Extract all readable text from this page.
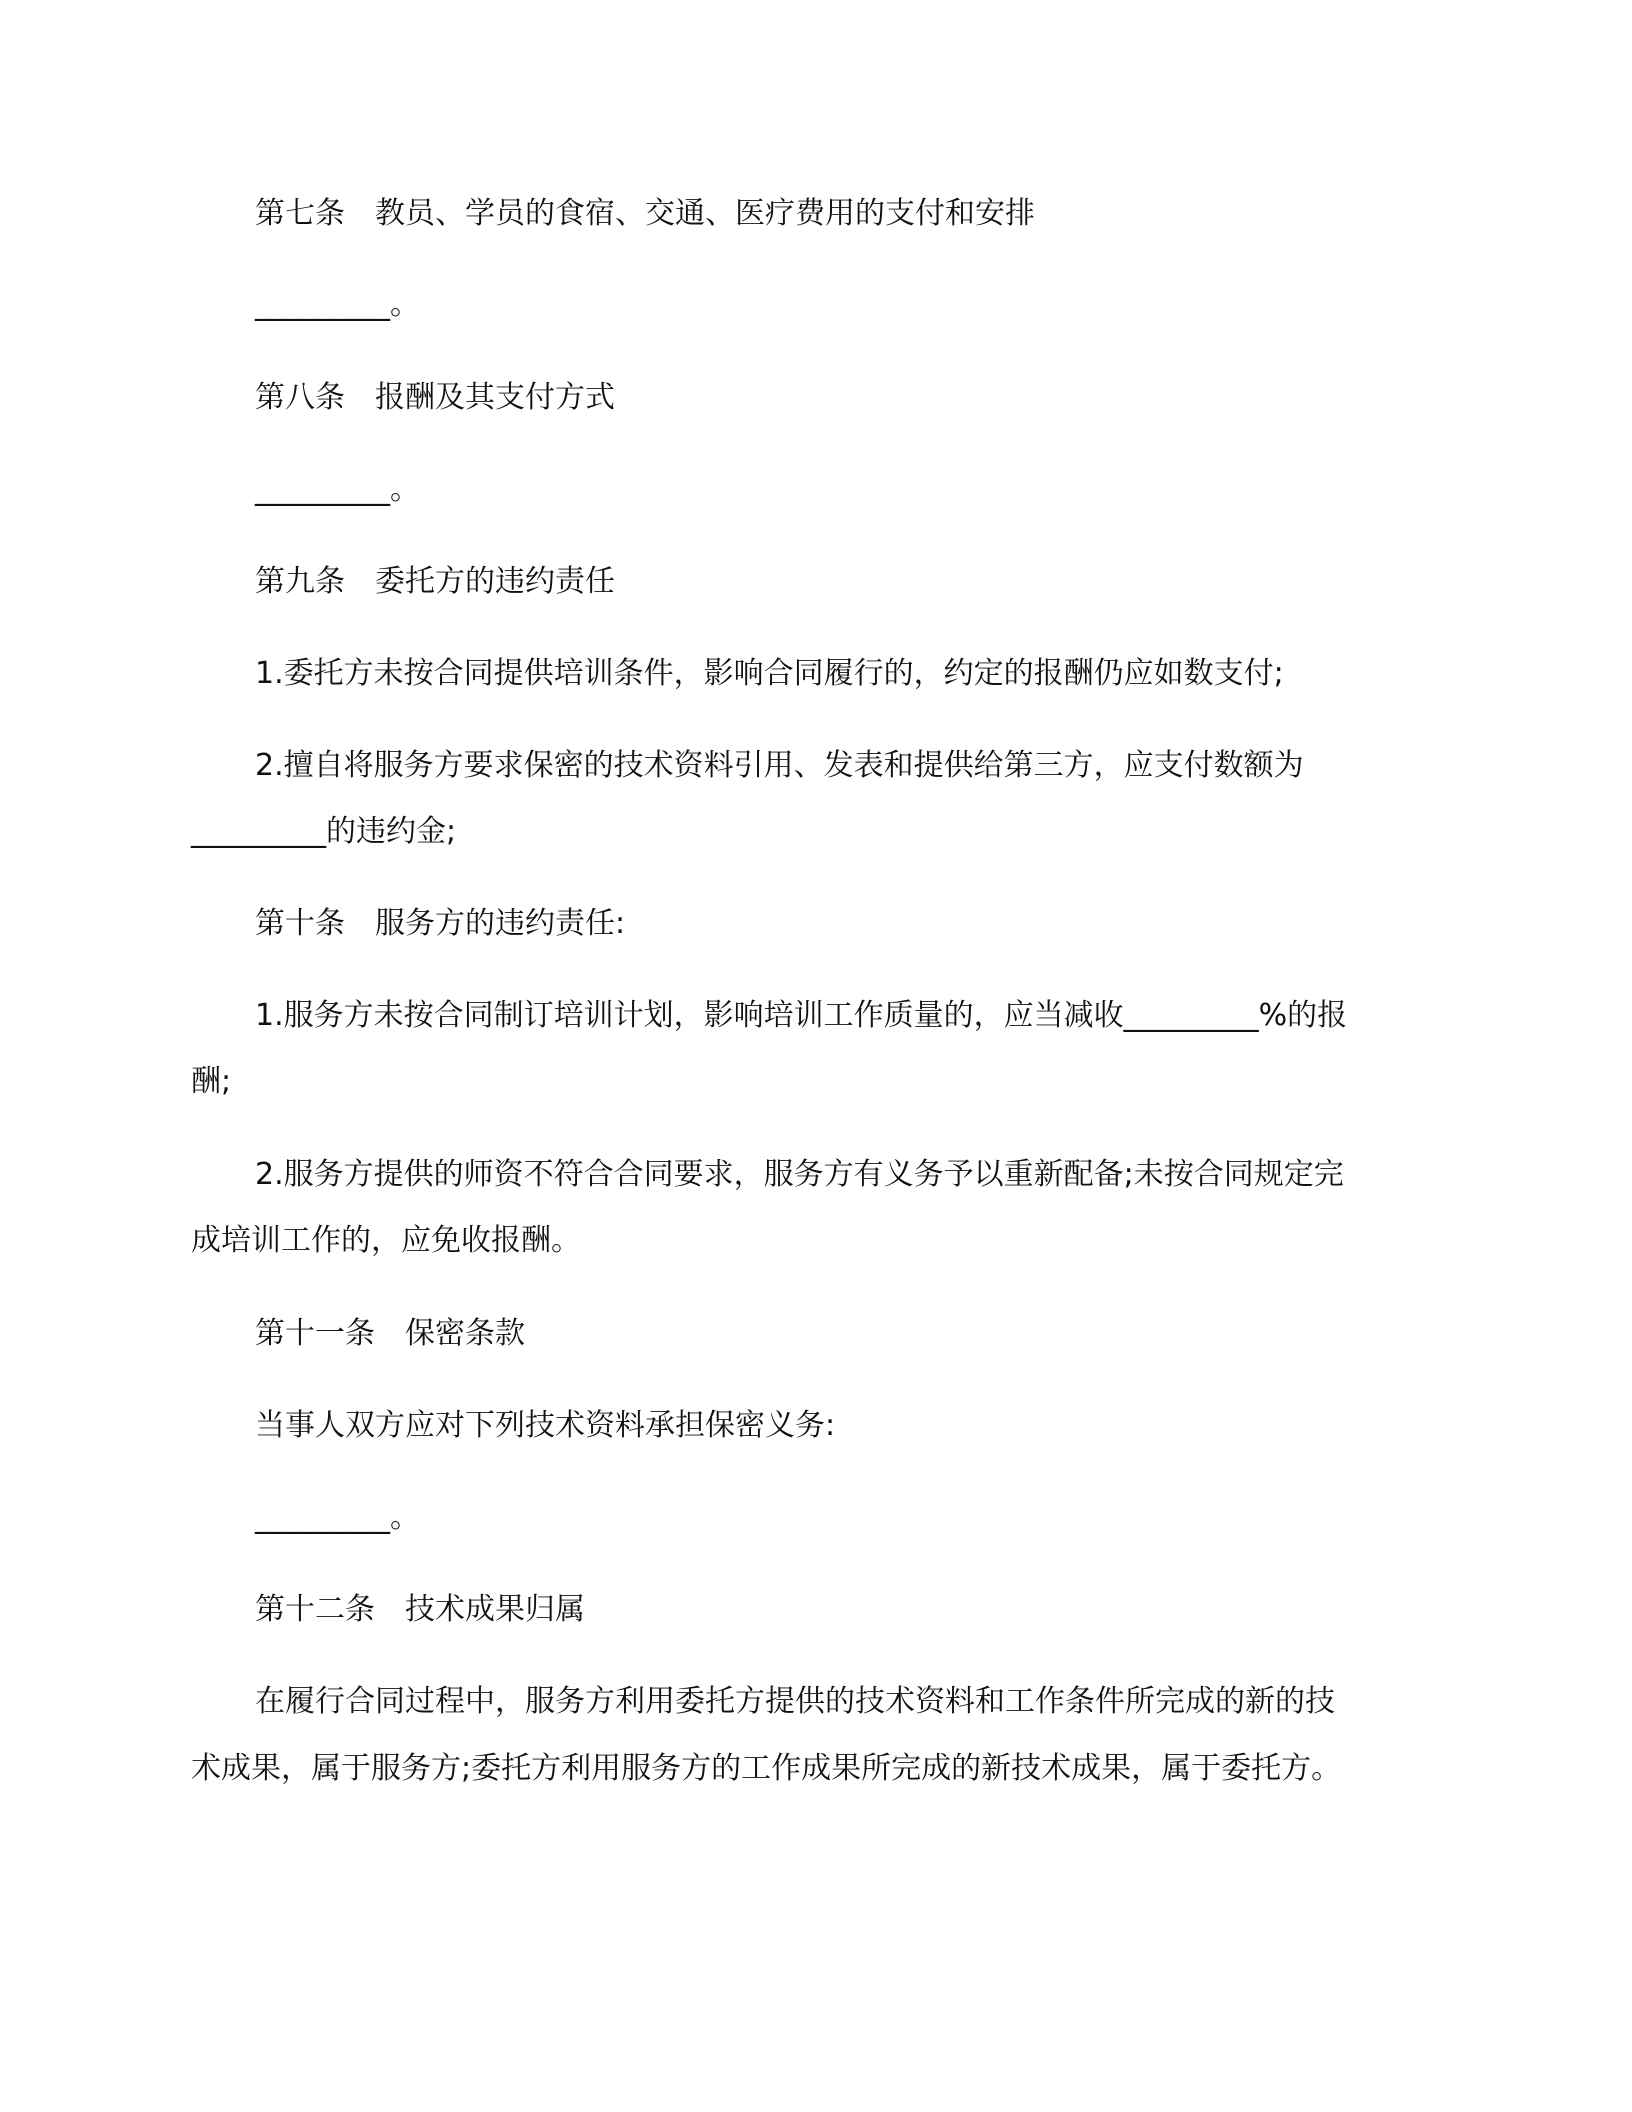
第七条 教员、学员的食宿、交通、医疗费用的支付和安排

_________。

第八条 报酬及其支付方式

_________。

第九条 委托方的违约责任

1.委托方未按合同提供培训条件，影响合同履行的，约定的报酬仍应如数支付;

2.擅自将服务方要求保密的技术资料引用、发表和提供给第三方，应支付数额为

_________的违约金;

第十条 服务方的违约责任:

1.服务方未按合同制订培训计划，影响培训工作质量的，应当减收_________%的报

酬;

2.服务方提供的师资不符合合同要求，服务方有义务予以重新配备;未按合同规定完

成培训工作的，应免收报酬。

第十一条 保密条款

当事人双方应对下列技术资料承担保密义务:

_________。

第十二条 技术成果归属

在履行合同过程中，服务方利用委托方提供的技术资料和工作条件所完成的新的技

术成果，属于服务方;委托方利用服务方的工作成果所完成的新技术成果，属于委托方。
